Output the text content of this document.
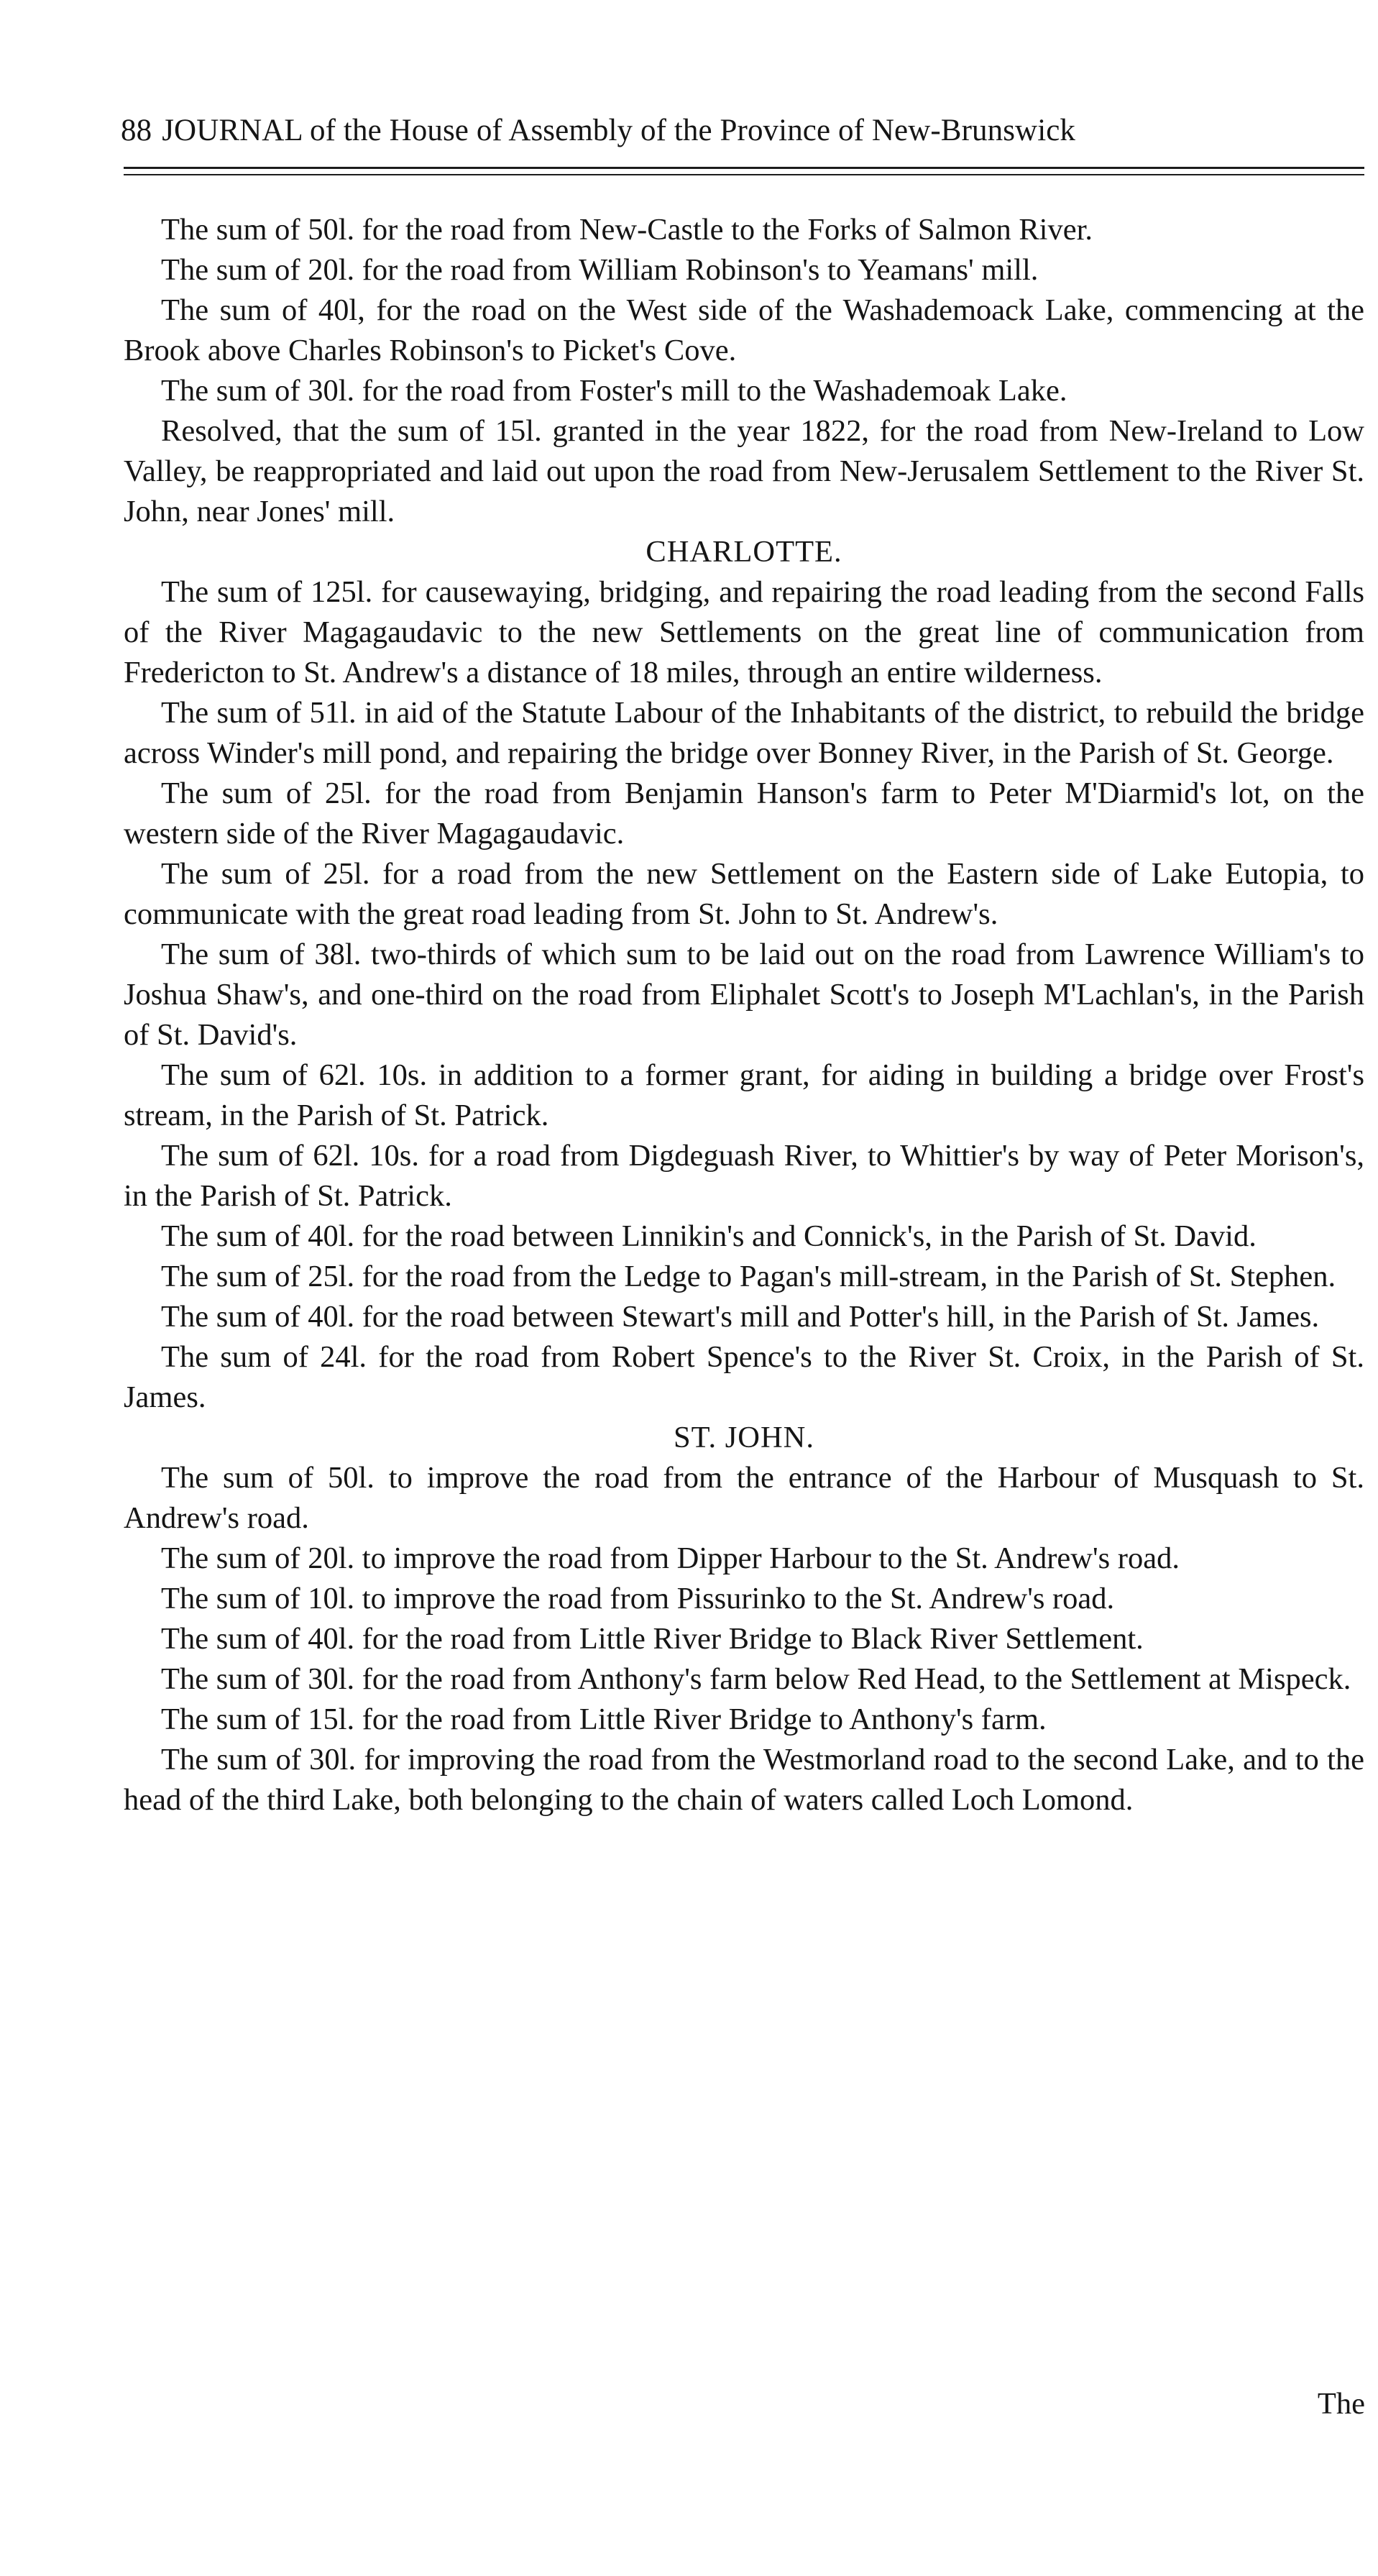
88 JOURNAL of the House of Assembly of the Province of New-Brunswick

The sum of 50l. for the road from New-Castle to the Forks of Salmon River.

The sum of 20l. for the road from William Robinson's to Yeamans' mill.

The sum of 40l, for the road on the West side of the Washademoack Lake, commencing at the Brook above Charles Robinson's to Picket's Cove.

The sum of 30l. for the road from Foster's mill to the Washademoak Lake.

Resolved, that the sum of 15l. granted in the year 1822, for the road from New-Ireland to Low Valley, be reappropriated and laid out upon the road from New-Jerusalem Settlement to the River St. John, near Jones' mill.

CHARLOTTE.

The sum of 125l. for causewaying, bridging, and repairing the road leading from the second Falls of the River Magagaudavic to the new Settlements on the great line of communication from Fredericton to St. Andrew's a distance of 18 miles, through an entire wilderness.

The sum of 51l. in aid of the Statute Labour of the Inhabitants of the district, to rebuild the bridge across Winder's mill pond, and repairing the bridge over Bonney River, in the Parish of St. George.

The sum of 25l. for the road from Benjamin Hanson's farm to Peter M'Diarmid's lot, on the western side of the River Magagaudavic.

The sum of 25l. for a road from the new Settlement on the Eastern side of Lake Eutopia, to communicate with the great road leading from St. John to St. Andrew's.

The sum of 38l. two-thirds of which sum to be laid out on the road from Lawrence William's to Joshua Shaw's, and one-third on the road from Eliphalet Scott's to Joseph M'Lachlan's, in the Parish of St. David's.

The sum of 62l. 10s. in addition to a former grant, for aiding in building a bridge over Frost's stream, in the Parish of St. Patrick.

The sum of 62l. 10s. for a road from Digdeguash River, to Whittier's by way of Peter Morison's, in the Parish of St. Patrick.

The sum of 40l. for the road between Linnikin's and Connick's, in the Parish of St. David.

The sum of 25l. for the road from the Ledge to Pagan's mill-stream, in the Parish of St. Stephen.

The sum of 40l. for the road between Stewart's mill and Potter's hill, in the Parish of St. James.

The sum of 24l. for the road from Robert Spence's to the River St. Croix, in the Parish of St. James.

ST. JOHN.

The sum of 50l. to improve the road from the entrance of the Harbour of Musquash to St. Andrew's road.

The sum of 20l. to improve the road from Dipper Harbour to the St. Andrew's road.

The sum of 10l. to improve the road from Pissurinko to the St. Andrew's road.

The sum of 40l. for the road from Little River Bridge to Black River Settlement.

The sum of 30l. for the road from Anthony's farm below Red Head, to the Settlement at Mispeck.

The sum of 15l. for the road from Little River Bridge to Anthony's farm.

The sum of 30l. for improving the road from the Westmorland road to the second Lake, and to the head of the third Lake, both belonging to the chain of waters called Loch Lomond.

The
